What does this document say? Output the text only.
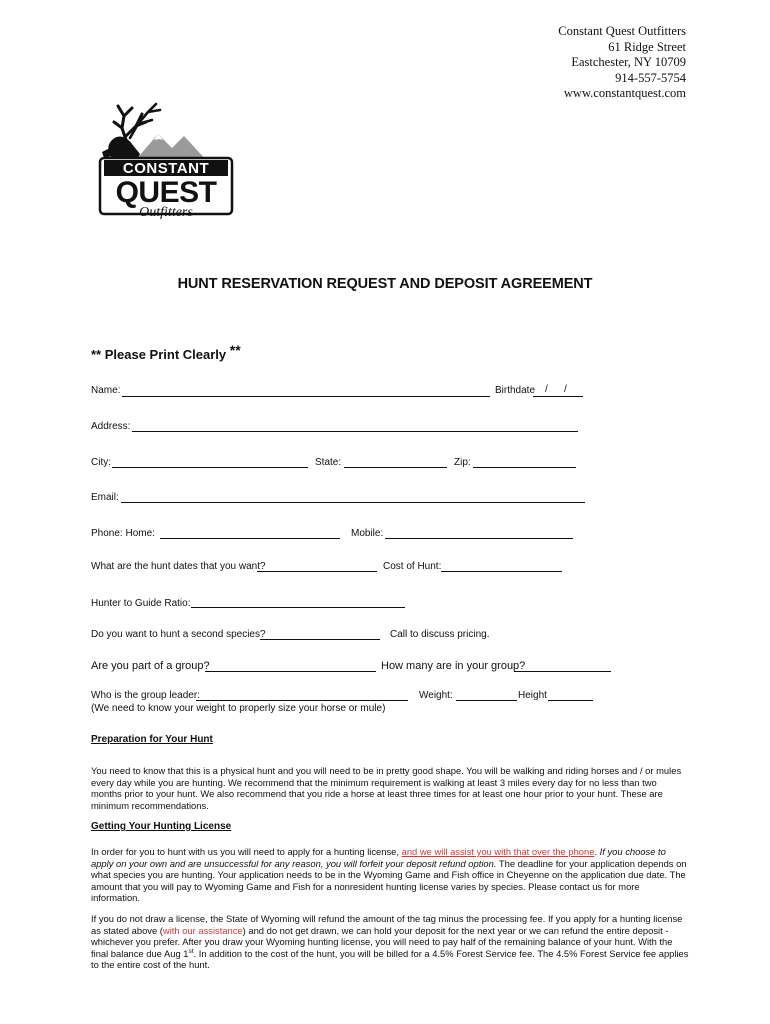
Constant Quest Outfitters
61 Ridge Street
Eastchester, NY 10709
914-557-5754
www.constantquest.com
CONSTANT
QUEST
Outfitters
HUNT RESERVATION REQUEST AND DEPOSIT AGREEMENT
** Please Print Clearly **
Name:	Birthdate / /
Address:
City:	State:	Zip:
Email:
Phone: Home:	Mobile:
What are the hunt dates that you want?	Cost of Hunt:
Hunter to Guide Ratio:
Do you want to hunt a second species?	Call to discuss pricing.
Are you part of a group?	How many are in your group?
Who is the group leader:	Weight:	Height
(We need to know your weight to properly size your horse or mule)
Preparation for Your Hunt
You need to know that this is a physical hunt and you will need to be in pretty good shape. You will be walking and riding horses and / or mules every day while you are hunting. We recommend that the minimum requirement is walking at least 3 miles every day for no less than two months prior to your hunt. We also recommend that you ride a horse at least three times for at least one hour prior to your hunt. These are minimum recommendations.
Getting Your Hunting License
In order for you to hunt with us you will need to apply for a hunting license, and we will assist you with that over the phone. If you choose to apply on your own and are unsuccessful for any reason, you will forfeit your deposit refund option. The deadline for your application depends on what species you are hunting. Your application needs to be in the Wyoming Game and Fish office in Cheyenne on the application due date. The amount that you will pay to Wyoming Game and Fish for a nonresident hunting license varies by species. Please contact us for more information.
If you do not draw a license, the State of Wyoming will refund the amount of the tag minus the processing fee. If you apply for a hunting license as stated above (with our assistance) and do not get drawn, we can hold your deposit for the next year or we can refund the entire deposit - whichever you prefer. After you draw your Wyoming hunting license, you will need to pay half of the remaining balance of your hunt. With the final balance due Aug 1st. In addition to the cost of the hunt, you will be billed for a 4.5% Forest Service fee. The 4.5% Forest Service fee applies to the entire cost of the hunt.
